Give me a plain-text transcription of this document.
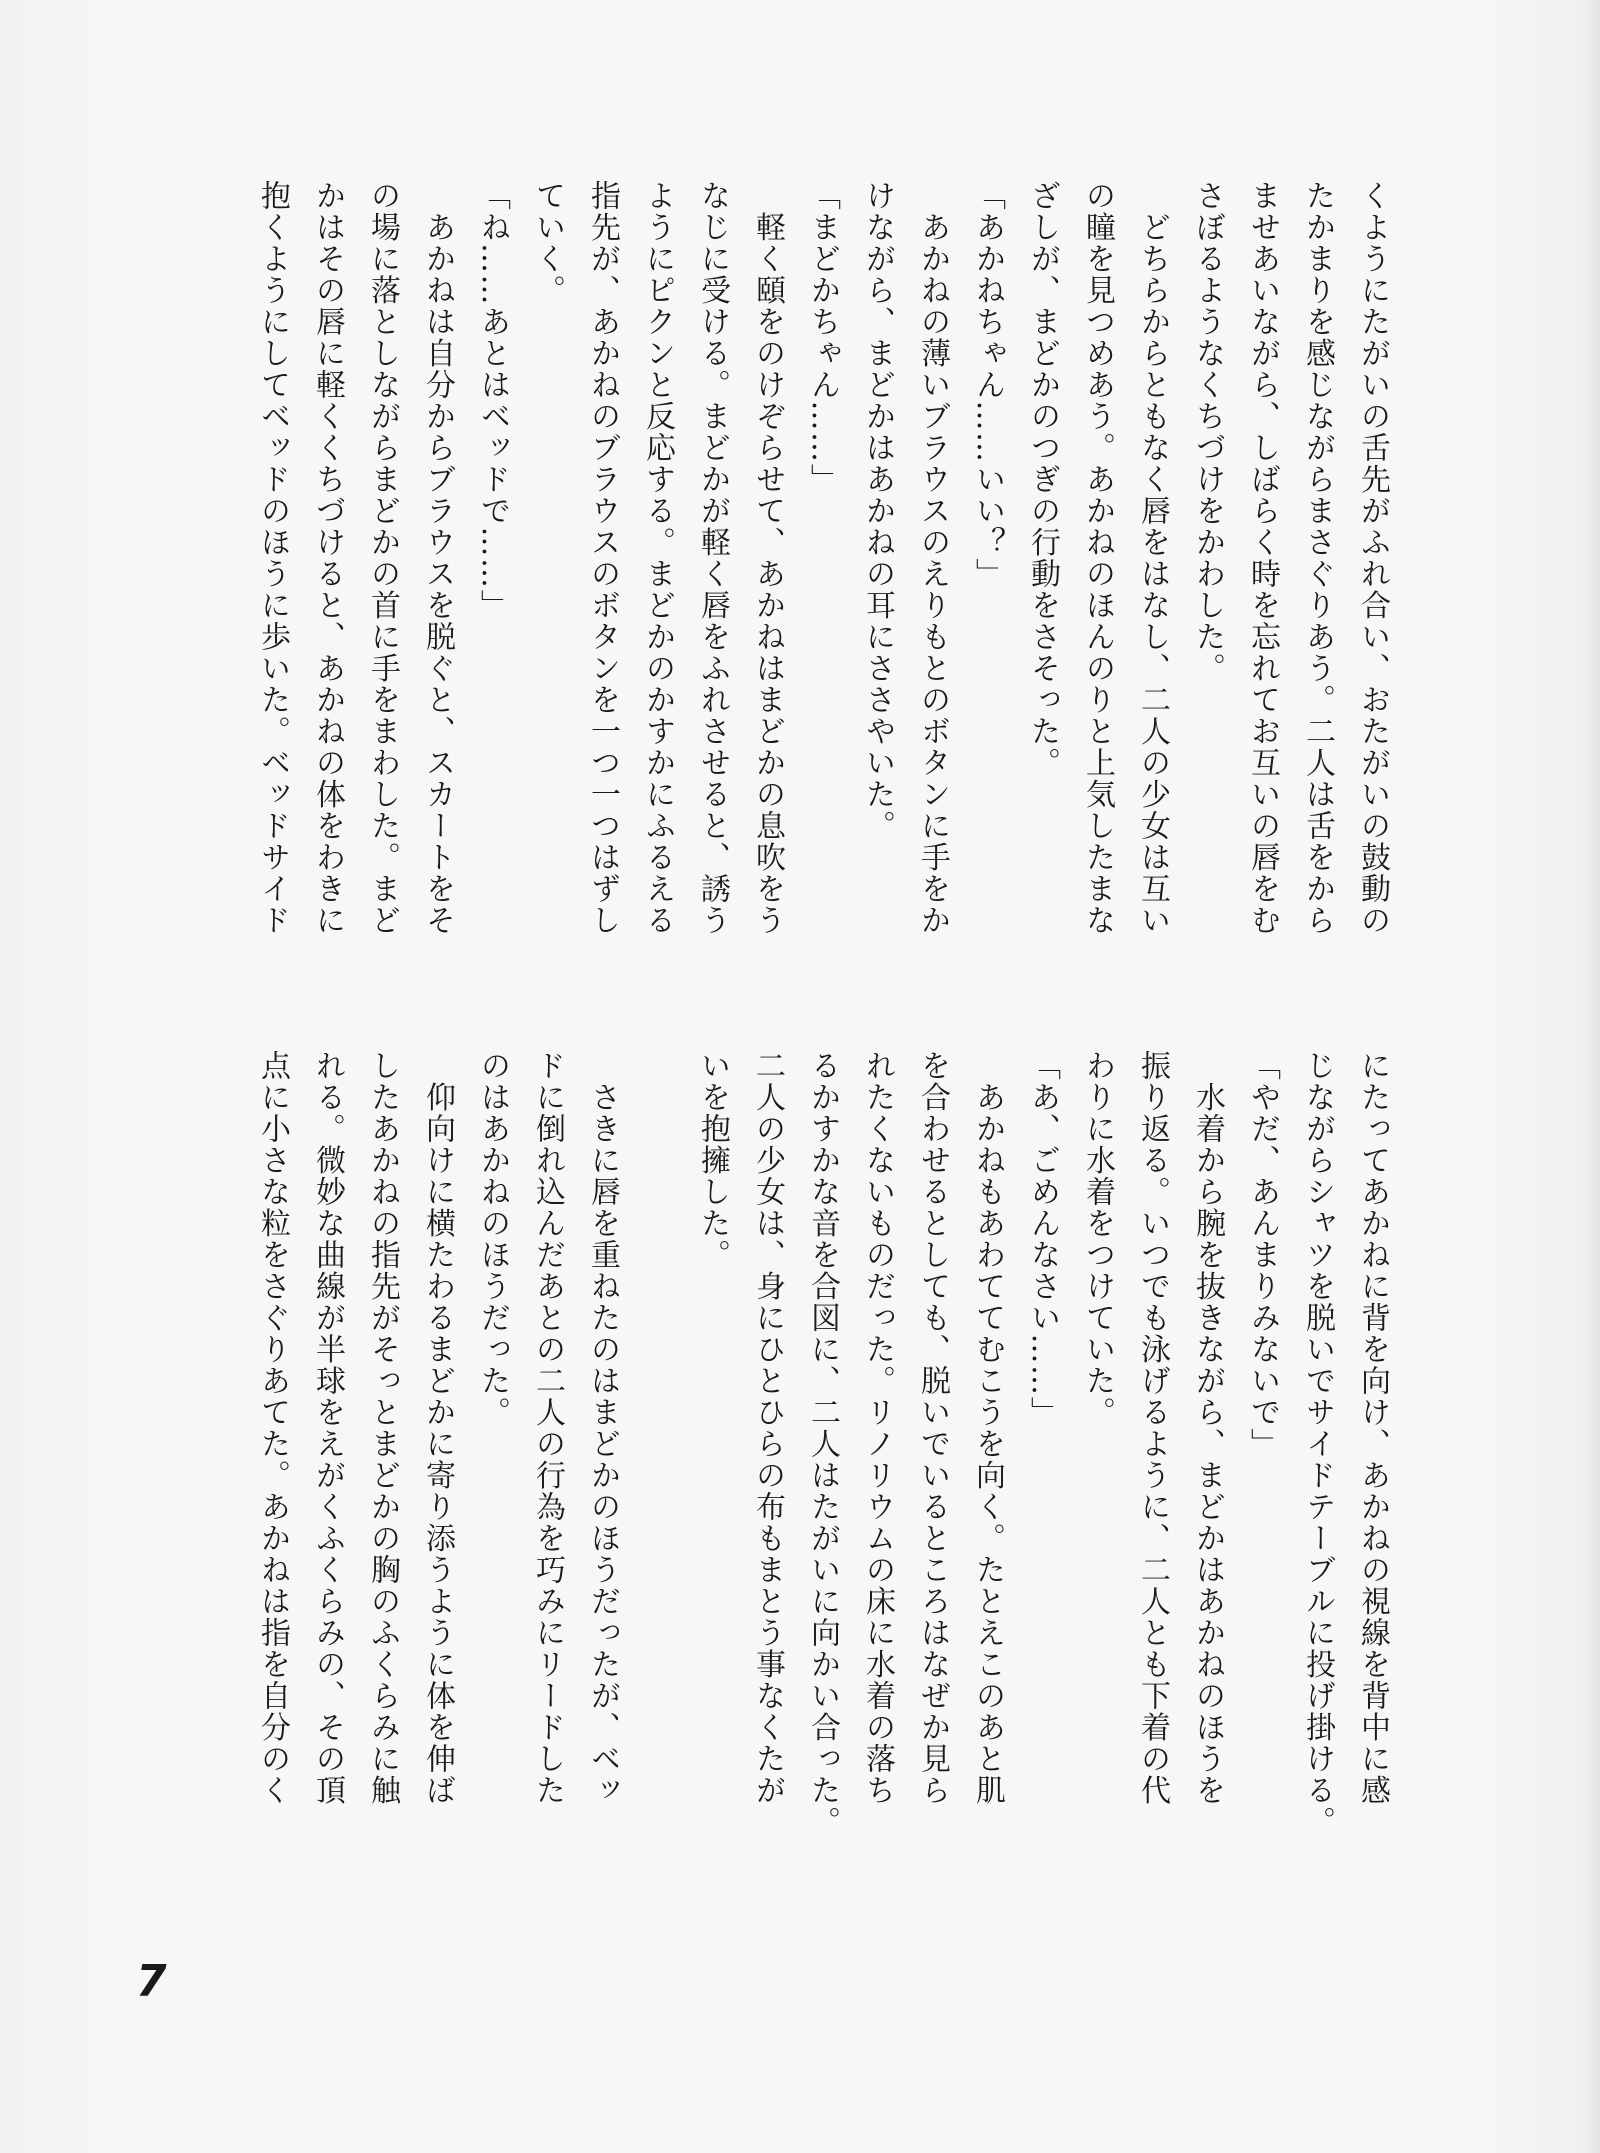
くようにたがいの舌先がふれ合い、おたがいの鼓動の
たかまりを感じながらまさぐりあう。二人は舌をから
ませあいながら、しばらく時を忘れてお互いの唇をむ
さぼるようなくちづけをかわした。
　どちらからともなく唇をはなし、二人の少女は互い
の瞳を見つめあう。あかねのほんのりと上気したまな
ざしが、まどかのつぎの行動をさそった。
「あかねちゃん……いい？」
　あかねの薄いブラウスのえりもとのボタンに手をか
けながら、まどかはあかねの耳にささやいた。
「まどかちゃん……」
　軽く頤をのけぞらせて、あかねはまどかの息吹をう
なじに受ける。まどかが軽く唇をふれさせると、誘う
ようにピクンと反応する。まどかのかすかにふるえる
指先が、あかねのブラウスのボタンを一つ一つはずし
ていく。
「ね……あとはベッドで……」
　あかねは自分からブラウスを脱ぐと、スカートをそ
の場に落としながらまどかの首に手をまわした。まど
かはその唇に軽くくちづけると、あかねの体をわきに
抱くようにしてベッドのほうに歩いた。ベッドサイド
にたってあかねに背を向け、あかねの視線を背中に感
じながらシャツを脱いでサイドテーブルに投げ掛ける。
「やだ、あんまりみないで」
　水着から腕を抜きながら、まどかはあかねのほうを
振り返る。いつでも泳げるように、二人とも下着の代
わりに水着をつけていた。
「あ、ごめんなさい……」
　あかねもあわててむこうを向く。たとえこのあと肌
を合わせるとしても、脱いでいるところはなぜか見ら
れたくないものだった。リノリウムの床に水着の落ち
るかすかな音を合図に、二人はたがいに向かい合った。
二人の少女は、身にひとひらの布もまとう事なくたが
いを抱擁した。

　さきに唇を重ねたのはまどかのほうだったが、ベッ
ドに倒れ込んだあとの二人の行為を巧みにリードした
のはあかねのほうだった。
　仰向けに横たわるまどかに寄り添うように体を伸ば
したあかねの指先がそっとまどかの胸のふくらみに触
れる。微妙な曲線が半球をえがくふくらみの、その頂
点に小さな粒をさぐりあてた。あかねは指を自分のく
7
